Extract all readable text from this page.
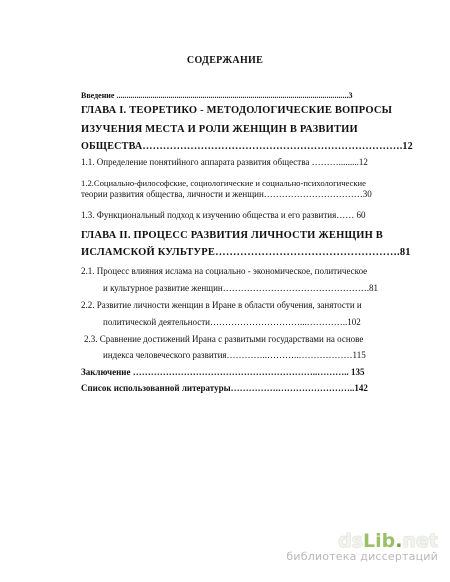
СОДЕРЖАНИЕ
Введение ....................................................................................................................3
ГЛАВА I. ТЕОРЕТИКО - МЕТОДОЛОГИЧЕСКИЕ ВОПРОСЫ
ИЗУЧЕНИЯ МЕСТА И РОЛИ ЖЕНЩИН В РАЗВИТИИ
ОБЩЕСТВА………………………………………………………………….12
1.1. Определение понятийного аппарата развития общества ……….........12
1.2.Социально-философские, социологические и социально-психологические
теории развития общества, личности и женщин……………………………30
1.3. Функциональный подход к изучению общества и его развития…… 60
ГЛАВА II. ПРОЦЕСС РАЗВИТИЯ ЛИЧНОСТИ ЖЕНЩИН В
ИСЛАМСКОЙ КУЛЬТУРЕ…………………………………………….81
2.1. Процесс влияния ислама на социально - экономическое, политическое
и культурное развитие женщин………………………………………….81
2.2. Развитие личности женщин в Иране в области обучения, занятости и
политической деятельности…………………………...…………..102
2.3. Сравнение достижений Ирана с развитыми государствами на основе
индекса человеческого развития…………..………..………………115
Заключение ……………………………………………………..……….. 135
Список использованной литературы…………….……………………..142
ds Lib . net
библиотека диссертаций
